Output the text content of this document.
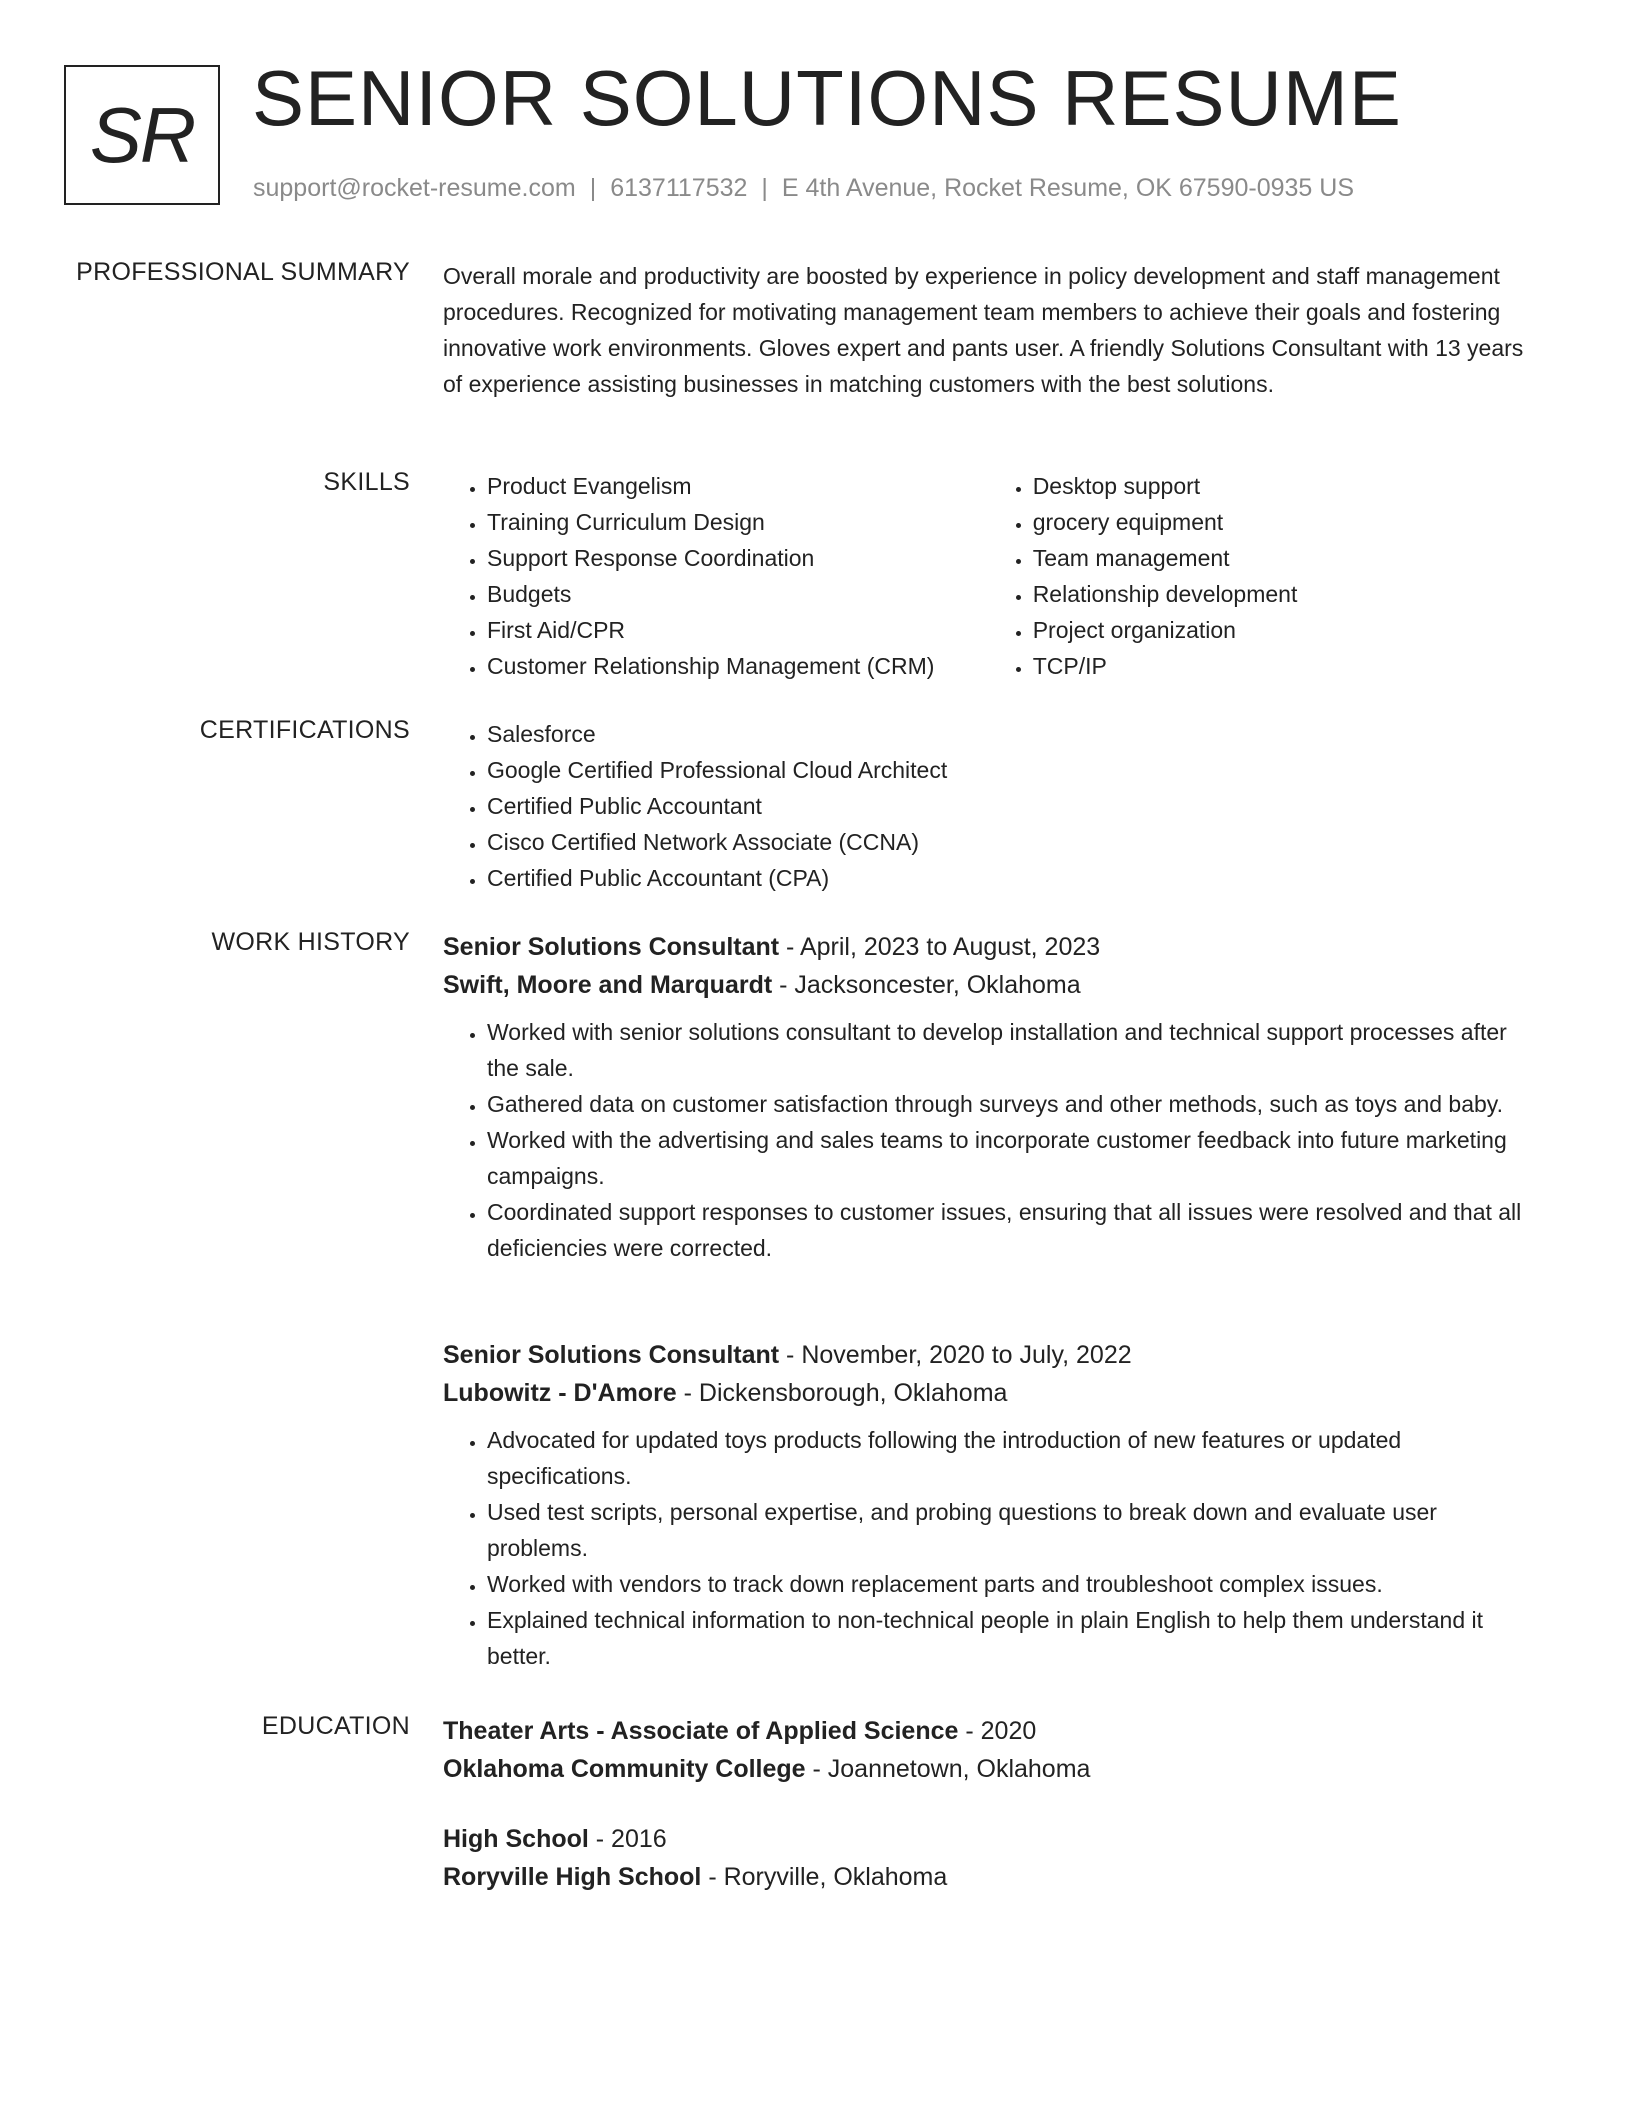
SR SENIOR SOLUTIONS RESUME
support@rocket-resume.com | 6137117532 | E 4th Avenue, Rocket Resume, OK 67590-0935 US
PROFESSIONAL SUMMARY Overall morale and productivity are boosted by experience in policy development and staff management procedures. Recognized for motivating management team members to achieve their goals and fostering innovative work environments. Gloves expert and pants user. A friendly Solutions Consultant with 13 years of experience assisting businesses in matching customers with the best solutions.
SKILLS	• Product Evangelism
• Training Curriculum Design
• Support Response Coordination
• Budgets
• First Aid/CPR
• Customer Relationship Management (CRM)
• Desktop support
• grocery equipment
• Team management
• Relationship development
• Project organization
• TCP/IP
CERTIFICATIONS	• Salesforce
• Google Certified Professional Cloud Architect
• Certified Public Accountant
• Cisco Certified Network Associate (CCNA)
• Certified Public Accountant (CPA)
WORK HISTORY Senior Solutions Consultant - April, 2023 to August, 2023
Swift, Moore and Marquardt - Jacksoncester, Oklahoma
• Worked with senior solutions consultant to develop installation and technical support processes after the sale.
• Gathered data on customer satisfaction through surveys and other methods, such as toys and baby.
• Worked with the advertising and sales teams to incorporate customer feedback into future marketing campaigns.
• Coordinated support responses to customer issues, ensuring that all issues were resolved and that all deficiencies were corrected.
Senior Solutions Consultant - November, 2020 to July, 2022
Lubowitz - D'Amore - Dickensborough, Oklahoma
• Advocated for updated toys products following the introduction of new features or updated specifications.
• Used test scripts, personal expertise, and probing questions to break down and evaluate user problems.
• Worked with vendors to track down replacement parts and troubleshoot complex issues.
• Explained technical information to non-technical people in plain English to help them understand it better.
EDUCATION Theater Arts - Associate of Applied Science - 2020
Oklahoma Community College - Joannetown, Oklahoma
High School - 2016
Roryville High School - Roryville, Oklahoma
